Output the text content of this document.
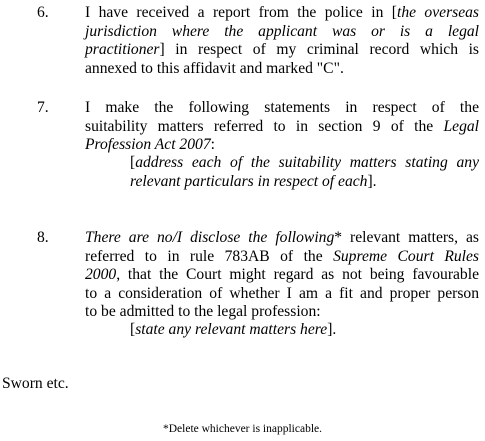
6.	I have received a report from the police in [the overseas
jurisdiction where the applicant was or is a legal
practitioner] in respect of my criminal record which is
annexed to this affidavit and marked "C".
7.	I make the following statements in respect of the
suitability matters referred to in section 9 of the Legal
Profession Act 2007:
[address each of the suitability matters stating any
relevant particulars in respect of each].
8.	There are no/I disclose the following* relevant matters, as
referred to in rule 783AB of the Supreme Court Rules
2000, that the Court might regard as not being favourable
to a consideration of whether I am a fit and proper person
to be admitted to the legal profession:
[state any relevant matters here].
Sworn etc.
*Delete whichever is inapplicable.
